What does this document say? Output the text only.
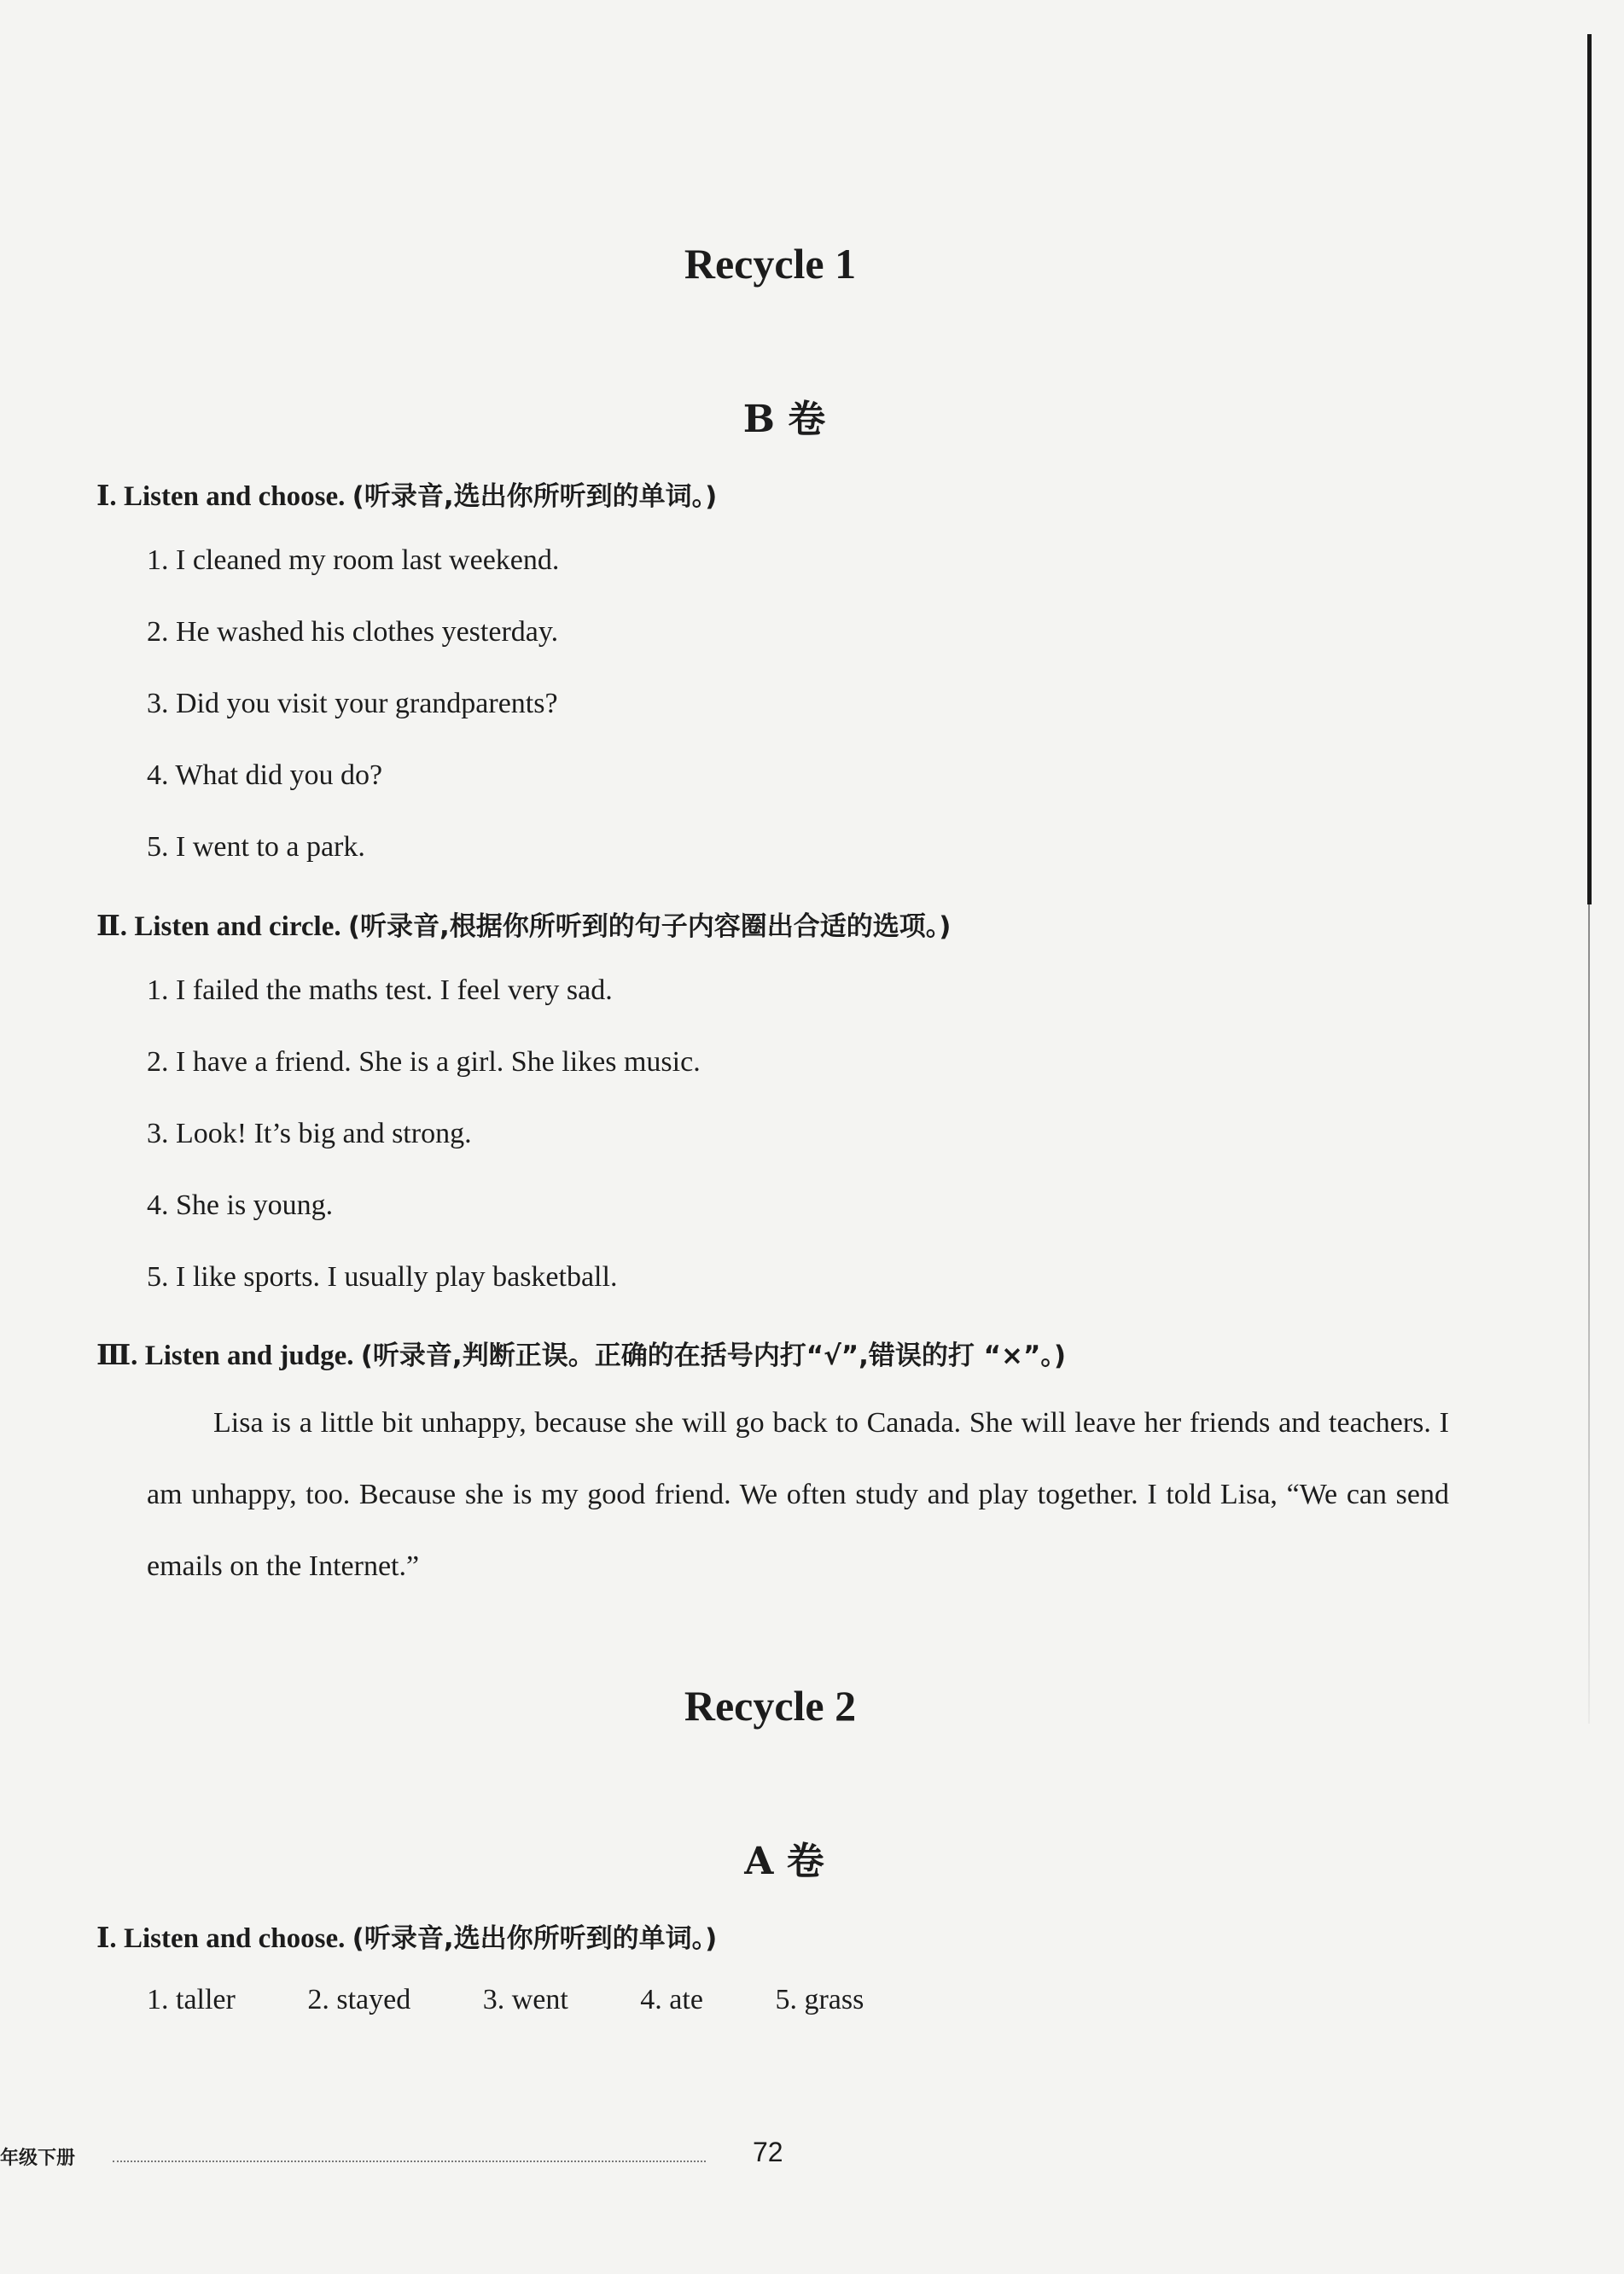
Recycle 1
B 卷
Ⅰ. Listen and choose. (听录音,选出你所听到的单词。)
1. I cleaned my room last weekend.
2. He washed his clothes yesterday.
3. Did you visit your grandparents?
4. What did you do?
5. I went to a park.
Ⅱ. Listen and circle. (听录音,根据你所听到的句子内容圈出合适的选项。)
1. I failed the maths test. I feel very sad.
2. I have a friend. She is a girl. She likes music.
3. Look! It’s big and strong.
4. She is young.
5. I like sports. I usually play basketball.
Ⅲ. Listen and judge. (听录音,判断正误。正确的在括号内打“√”,错误的打 “×”。)
Lisa is a little bit unhappy, because she will go back to Canada. She will leave her friends and teachers. I am unhappy, too. Because she is my good friend. We often study and play together. I told Lisa, “We can send emails on the Internet.”
Recycle 2
A 卷
Ⅰ. Listen and choose. (听录音,选出你所听到的单词。)
1. taller 2. stayed 3. went 4. ate 5. grass
年级下册	72
